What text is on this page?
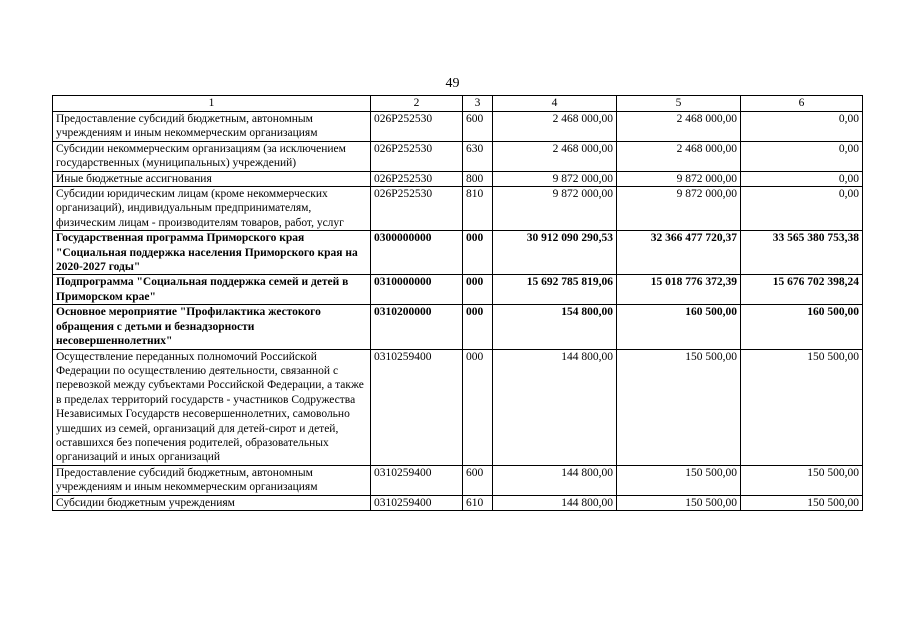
49
1	2	3	4	5	6
Предоставление субсидий бюджетным, автономным учреждениям и иным некоммерческим организациям	026P252530	600	2 468 000,00	2 468 000,00	0,00
Субсидии некоммерческим организациям (за исключением государственных (муниципальных) учреждений)	026P252530	630	2 468 000,00	2 468 000,00	0,00
Иные бюджетные ассигнования	026P252530	800	9 872 000,00	9 872 000,00	0,00
Субсидии юридическим лицам (кроме некоммерческих организаций), индивидуальным предпринимателям, физическим лицам - производителям товаров, работ, услуг	026P252530	810	9 872 000,00	9 872 000,00	0,00
Государственная программа Приморского края "Социальная поддержка населения Приморского края на 2020-2027 годы"	0300000000	000	30 912 090 290,53	32 366 477 720,37	33 565 380 753,38
Подпрограмма "Социальная поддержка семей и детей в Приморском крае"	0310000000	000	15 692 785 819,06	15 018 776 372,39	15 676 702 398,24
Основное мероприятие "Профилактика жестокого обращения с детьми и безнадзорности несовершеннолетних"	0310200000	000	154 800,00	160 500,00	160 500,00
Осуществление переданных полномочий Российской Федерации по осуществлению деятельности, связанной с перевозкой между субъектами Российской Федерации, а также в пределах территорий государств - участников Содружества Независимых Государств несовершеннолетних, самовольно ушедших из семей, организаций для детей-сирот и детей, оставшихся без попечения родителей, образовательных организаций и иных организаций	0310259400	000	144 800,00	150 500,00	150 500,00
Предоставление субсидий бюджетным, автономным учреждениям и иным некоммерческим организациям	0310259400	600	144 800,00	150 500,00	150 500,00
Субсидии бюджетным учреждениям	0310259400	610	144 800,00	150 500,00	150 500,00
